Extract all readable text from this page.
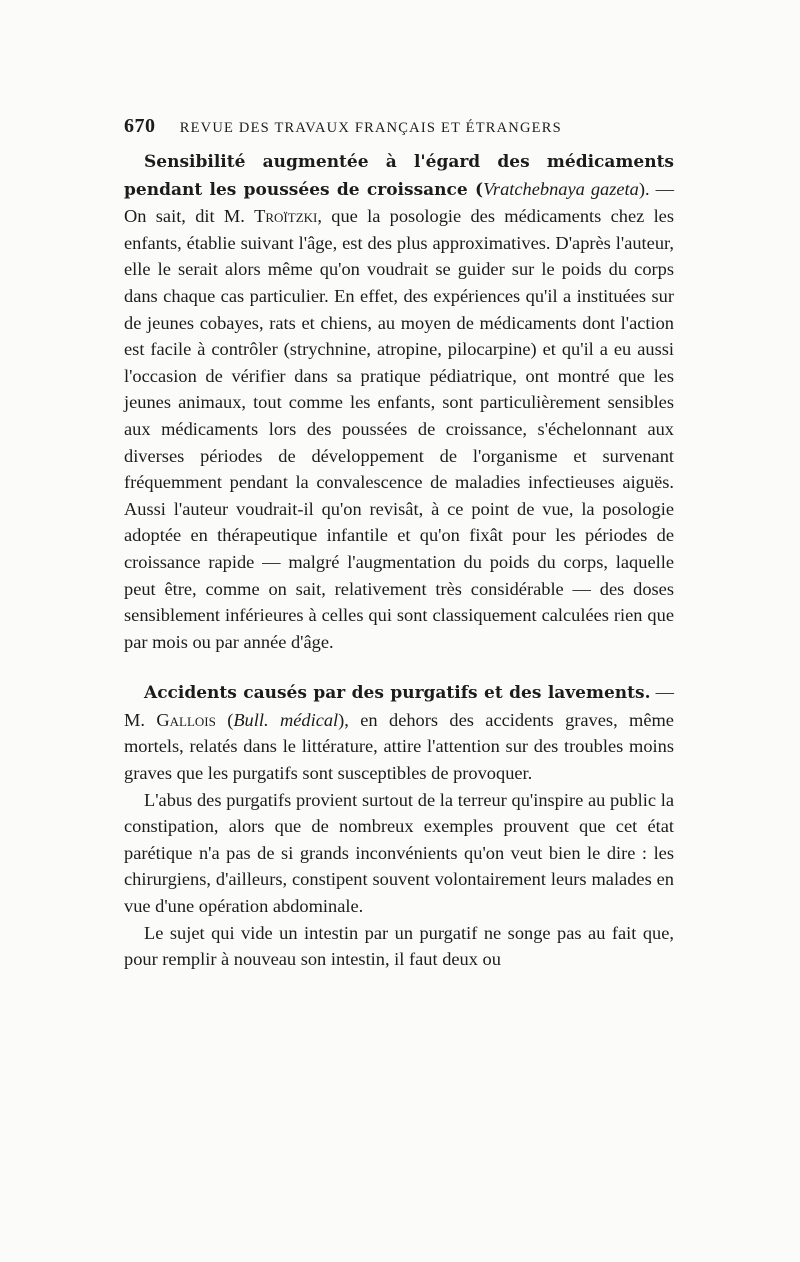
670 REVUE DES TRAVAUX FRANÇAIS ET ÉTRANGERS

Sensibilité augmentée à l'égard des médicaments pendant les poussées de croissance (Vratchebnaya gazeta). — On sait, dit M. Troïtzki, que la posologie des médicaments chez les enfants, établie suivant l'âge, est des plus approximatives. D'après l'auteur, elle le serait alors même qu'on voudrait se guider sur le poids du corps dans chaque cas particulier. En effet, des expériences qu'il a instituées sur de jeunes cobayes, rats et chiens, au moyen de médicaments dont l'action est facile à contrôler (strychnine, atropine, pilocarpine) et qu'il a eu aussi l'occasion de vérifier dans sa pratique pédiatrique, ont montré que les jeunes animaux, tout comme les enfants, sont particulièrement sensibles aux médicaments lors des poussées de croissance, s'échelonnant aux diverses périodes de développement de l'organisme et survenant fréquemment pendant la convalescence de maladies infectieuses aiguës. Aussi l'auteur voudrait-il qu'on revisât, à ce point de vue, la posologie adoptée en thérapeutique infantile et qu'on fixât pour les périodes de croissance rapide — malgré l'augmentation du poids du corps, laquelle peut être, comme on sait, relativement très considérable — des doses sensiblement inférieures à celles qui sont classiquement calculées rien que par mois ou par année d'âge.

Accidents causés par des purgatifs et des lavements. — M. Gallois (Bull. médical), en dehors des accidents graves, même mortels, relatés dans le littérature, attire l'attention sur des troubles moins graves que les purgatifs sont susceptibles de provoquer.

L'abus des purgatifs provient surtout de la terreur qu'inspire au public la constipation, alors que de nombreux exemples prouvent que cet état parétique n'a pas de si grands inconvénients qu'on veut bien le dire : les chirurgiens, d'ailleurs, constipent souvent volontairement leurs malades en vue d'une opération abdominale.

Le sujet qui vide un intestin par un purgatif ne songe pas au fait que, pour remplir à nouveau son intestin, il faut deux ou
